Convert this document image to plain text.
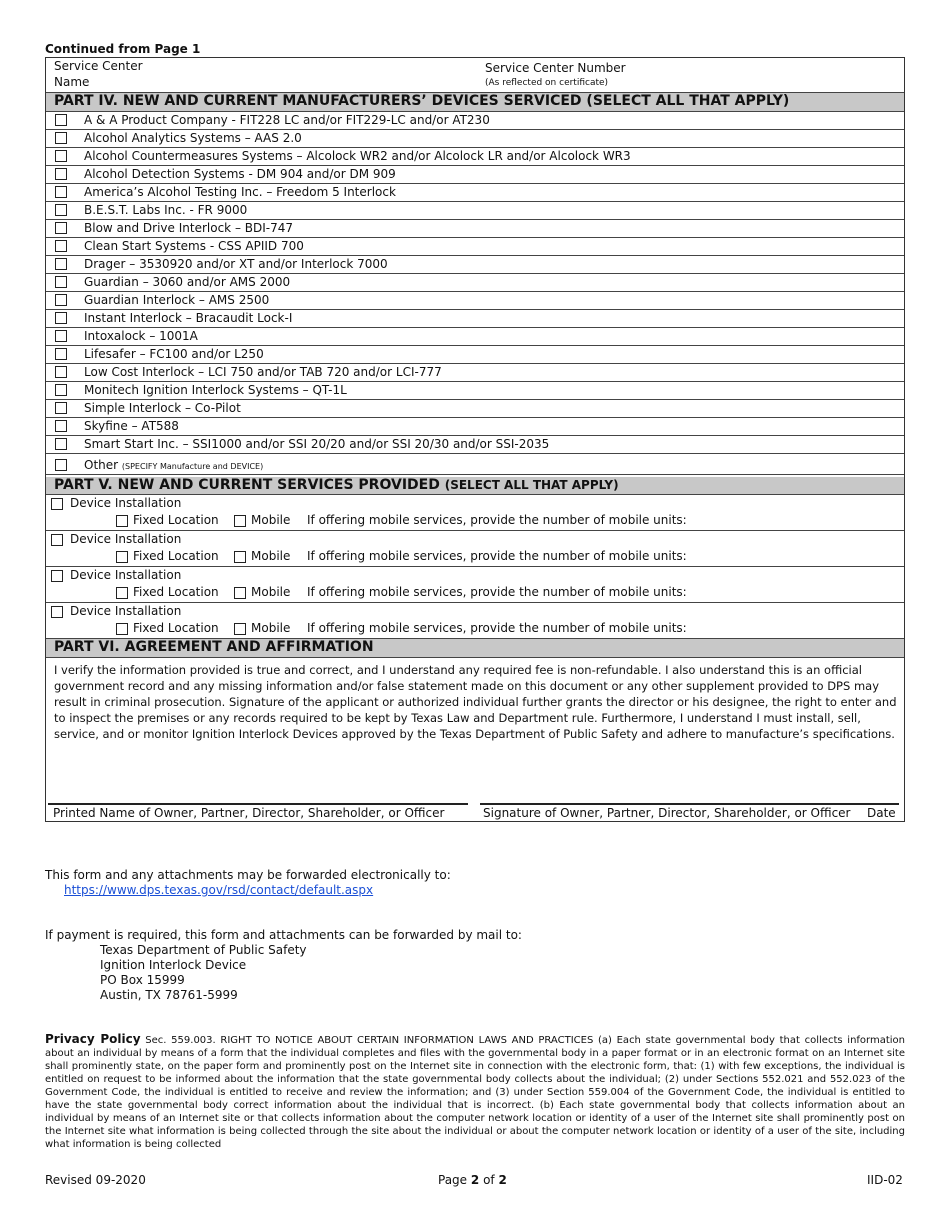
Continued from Page 1
Service Center
Name
Service Center Number
(As reflected on certificate)
PART IV. NEW AND CURRENT MANUFACTURERS’ DEVICES SERVICED (SELECT ALL THAT APPLY)
A & A Product Company - FIT228 LC and/or FIT229-LC and/or AT230
Alcohol Analytics Systems – AAS 2.0
Alcohol Countermeasures Systems – Alcolock WR2 and/or Alcolock LR and/or Alcolock WR3
Alcohol Detection Systems - DM 904 and/or DM 909
America’s Alcohol Testing Inc. – Freedom 5 Interlock
B.E.S.T. Labs Inc. - FR 9000
Blow and Drive Interlock – BDI-747
Clean Start Systems - CSS APIID 700
Drager – 3530920 and/or XT and/or Interlock 7000
Guardian – 3060 and/or AMS 2000
Guardian Interlock – AMS 2500
Instant Interlock – Bracaudit Lock-I
Intoxalock – 1001A
Lifesafer – FC100 and/or L250
Low Cost Interlock – LCI 750 and/or TAB 720 and/or LCI-777
Monitech Ignition Interlock Systems – QT-1L
Simple Interlock – Co-Pilot
Skyfine – AT588
Smart Start Inc. – SSI1000 and/or SSI 20/20 and/or SSI 20/30 and/or SSI-2035
Other (SPECIFY Manufacture and DEVICE)
PART V. NEW AND CURRENT SERVICES PROVIDED (SELECT ALL THAT APPLY)
Device Installation
Fixed Location	Mobile If offering mobile services, provide the number of mobile units:
Device Installation
Fixed Location	Mobile If offering mobile services, provide the number of mobile units:
Device Installation
Fixed Location	Mobile If offering mobile services, provide the number of mobile units:
Device Installation
Fixed Location	Mobile If offering mobile services, provide the number of mobile units:
PART VI. AGREEMENT AND AFFIRMATION
I verify the information provided is true and correct, and I understand any required fee is non-refundable. I also understand this is an official government record and any missing information and/or false statement made on this document or any other supplement provided to DPS may result in criminal prosecution. Signature of the applicant or authorized individual further grants the director or his designee, the right to enter and to inspect the premises or any records required to be kept by Texas Law and Department rule. Furthermore, I understand I must install, sell, service, and or monitor Ignition Interlock Devices approved by the Texas Department of Public Safety and adhere to manufacture’s specifications.
Printed Name of Owner, Partner, Director, Shareholder, or Officer	Signature of Owner, Partner, Director, Shareholder, or Officer Date
This form and any attachments may be forwarded electronically to:
https://www.dps.texas.gov/rsd/contact/default.aspx
If payment is required, this form and attachments can be forwarded by mail to:
Texas Department of Public Safety
Ignition Interlock Device
PO Box 15999
Austin, TX 78761-5999
Privacy Policy Sec. 559.003. RIGHT TO NOTICE ABOUT CERTAIN INFORMATION LAWS AND PRACTICES (a) Each state governmental body that collects information about an individual by means of a form that the individual completes and files with the governmental body in a paper format or in an electronic format on an Internet site shall prominently state, on the paper form and prominently post on the Internet site in connection with the electronic form, that: (1) with few exceptions, the individual is entitled on request to be informed about the information that the state governmental body collects about the individual; (2) under Sections 552.021 and 552.023 of the Government Code, the individual is entitled to receive and review the information; and (3) under Section 559.004 of the Government Code, the individual is entitled to have the state governmental body correct information about the individual that is incorrect. (b) Each state governmental body that collects information about an individual by means of an Internet site or that collects information about the computer network location or identity of a user of the Internet site shall prominently post on the Internet site what information is being collected through the site about the individual or about the computer network location or identity of a user of the site, including what information is being collected
Revised 09-2020	Page 2 of 2	IID-02
